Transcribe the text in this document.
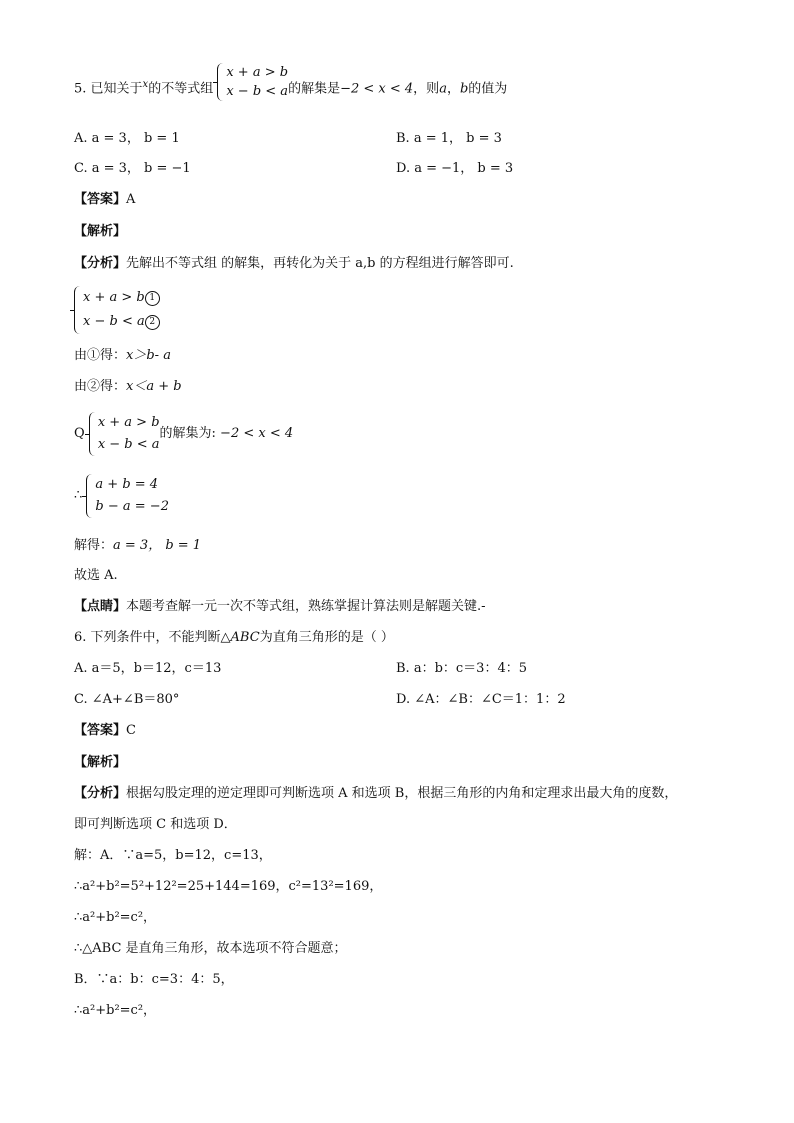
5. 已知关于$^x$的不等式组
x + a > b
x − b < a 的解集是−2 < x < 4，则a，b的值为
A. a = 3， b = 1	B. a = 1， b = 3
C. a = 3， b = −1	D. a = −1， b = 3
【答案】A
【解析】
【分析】先解出不等式组 的解集，再转化为关于 a,b 的方程组进行解答即可.
x + a > b 1
x − b < a 2
由①得：x＞b- a
由②得：x＜a + b
Q
x + a > b
x − b < a
的解集为: −2 < x < 4
∴
a + b = 4
b − a = −2
解得：a = 3， b = 1
故选 A.
【点睛】本题考查解一元一次不等式组，熟练掌握计算法则是解题关键.-
6. 下列条件中，不能判断△ABC为直角三角形的是（ ）
A. a＝5，b＝12，c＝13	B. a：b：c＝3：4：5
C. ∠A+∠B＝80°	D. ∠A：∠B：∠C＝1：1：2
【答案】C
【解析】
【分析】根据勾股定理的逆定理即可判断选项 A 和选项 B，根据三角形的内角和定理求出最大角的度数，
即可判断选项 C 和选项 D．
解：A．∵a=5，b=12，c=13，
∴a²+b²=5²+12²=25+144=169，c²=13²=169，
∴a²+b²=c²，
∴△ABC 是直角三角形，故本选项不符合题意；
B．∵a：b：c=3：4：5，
∴a²+b²=c²，
